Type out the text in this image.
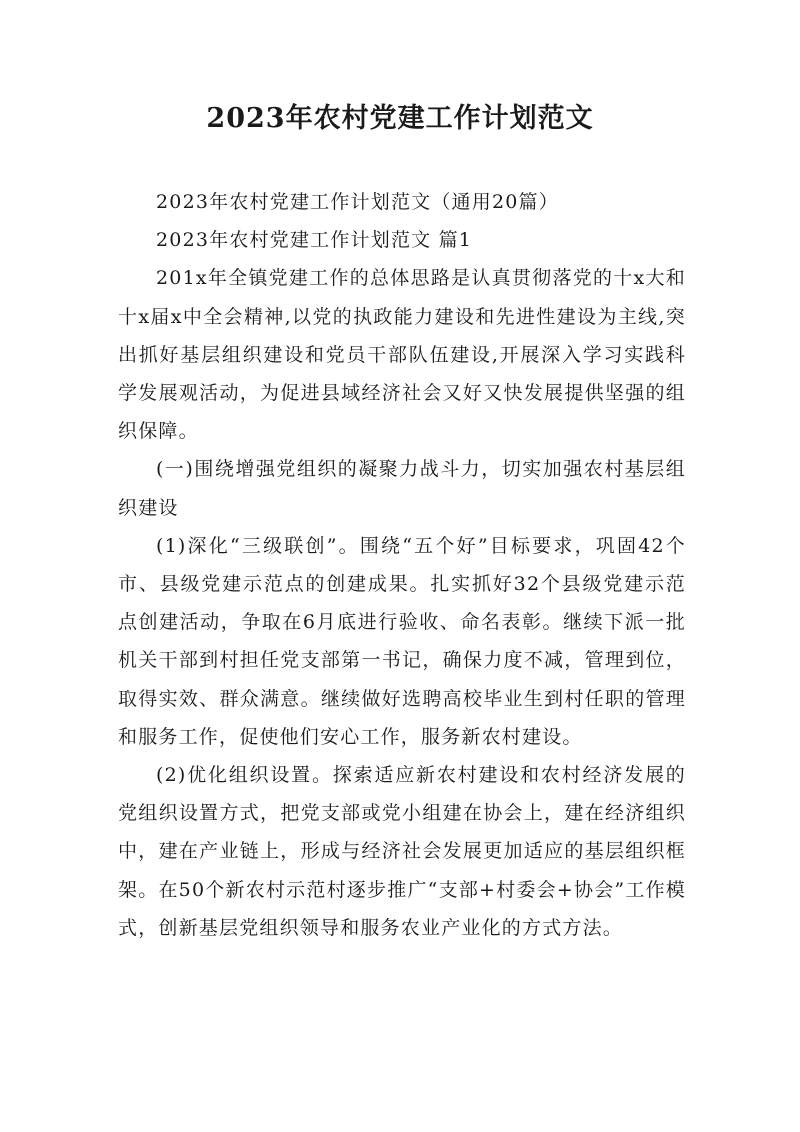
2023年农村党建工作计划范文

2023年农村党建工作计划范文（通用20篇）

2023年农村党建工作计划范文 篇1

201x年全镇党建工作的总体思路是认真贯彻落党的十x大和十x届x中全会精神,以党的执政能力建设和先进性建设为主线,突出抓好基层组织建设和党员干部队伍建设,开展深入学习实践科学发展观活动，为促进县域经济社会又好又快发展提供坚强的组织保障。

(一)围绕增强党组织的凝聚力战斗力，切实加强农村基层组织建设

(1)深化“三级联创”。围绕“五个好”目标要求，巩固42个市、县级党建示范点的创建成果。扎实抓好32个县级党建示范点创建活动，争取在6月底进行验收、命名表彰。继续下派一批机关干部到村担任党支部第一书记，确保力度不减，管理到位，取得实效、群众满意。继续做好选聘高校毕业生到村任职的管理和服务工作，促使他们安心工作，服务新农村建设。

(2)优化组织设置。探索适应新农村建设和农村经济发展的党组织设置方式，把党支部或党小组建在协会上，建在经济组织中，建在产业链上，形成与经济社会发展更加适应的基层组织框架。在50个新农村示范村逐步推广“支部+村委会+协会”工作模式，创新基层党组织领导和服务农业产业化的方式方法。
